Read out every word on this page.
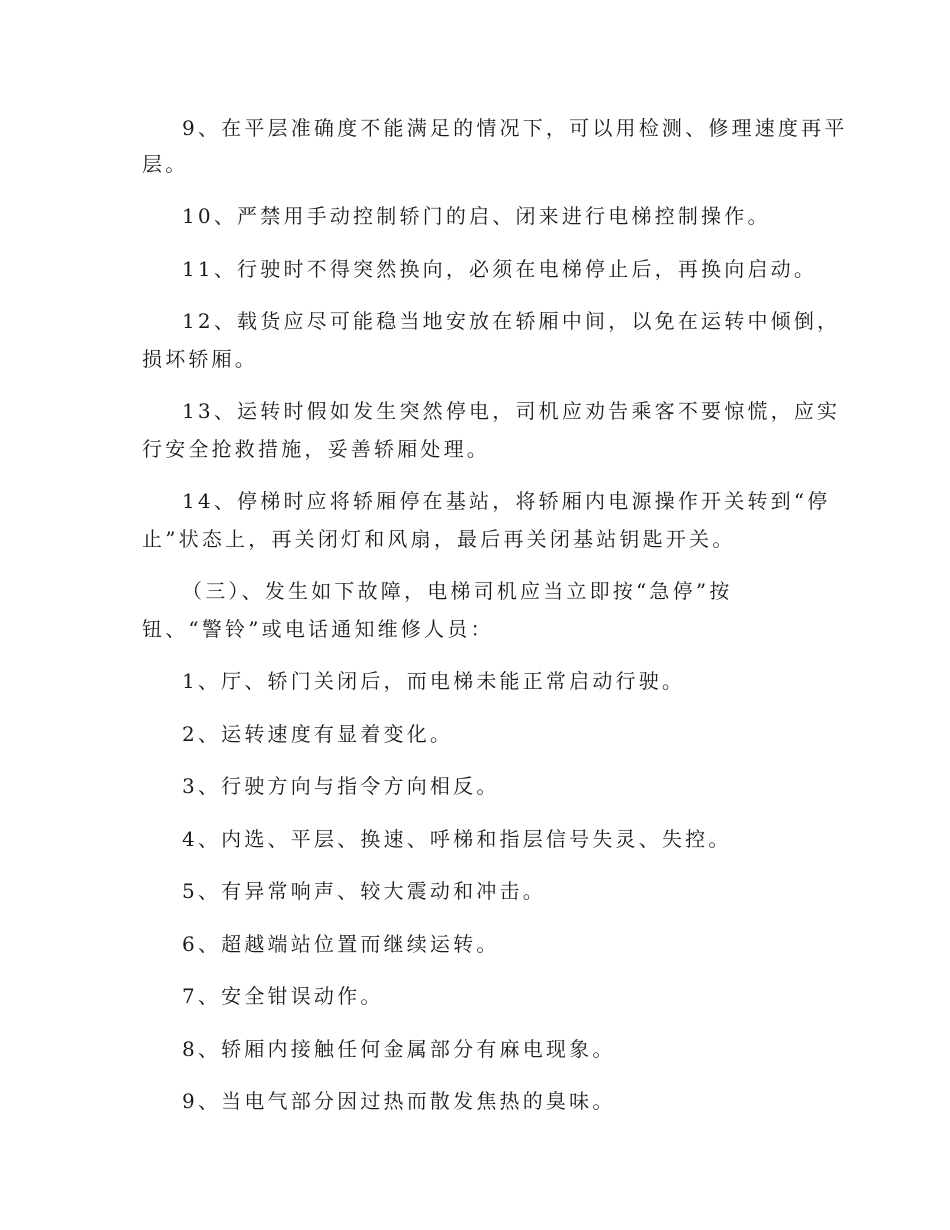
9、在平层准确度不能满足的情况下，可以用检测、修理速度再平
层。
10、严禁用手动控制轿门的启、闭来进行电梯控制操作。
11、行驶时不得突然换向，必须在电梯停止后，再换向启动。
12、载货应尽可能稳当地安放在轿厢中间，以免在运转中倾倒，
损坏轿厢。
13、运转时假如发生突然停电，司机应劝告乘客不要惊慌，应实
行安全抢救措施，妥善轿厢处理。
14、停梯时应将轿厢停在基站，将轿厢内电源操作开关转到“停
止”状态上，再关闭灯和风扇，最后再关闭基站钥匙开关。
（三）、发生如下故障，电梯司机应当立即按“急停”按
钮、“警铃”或电话通知维修人员：
1、厅、轿门关闭后，而电梯未能正常启动行驶。
2、运转速度有显着变化。
3、行驶方向与指令方向相反。
4、内选、平层、换速、呼梯和指层信号失灵、失控。
5、有异常响声、较大震动和冲击。
6、超越端站位置而继续运转。
7、安全钳误动作。
8、轿厢内接触任何金属部分有麻电现象。
9、当电气部分因过热而散发焦热的臭味。
